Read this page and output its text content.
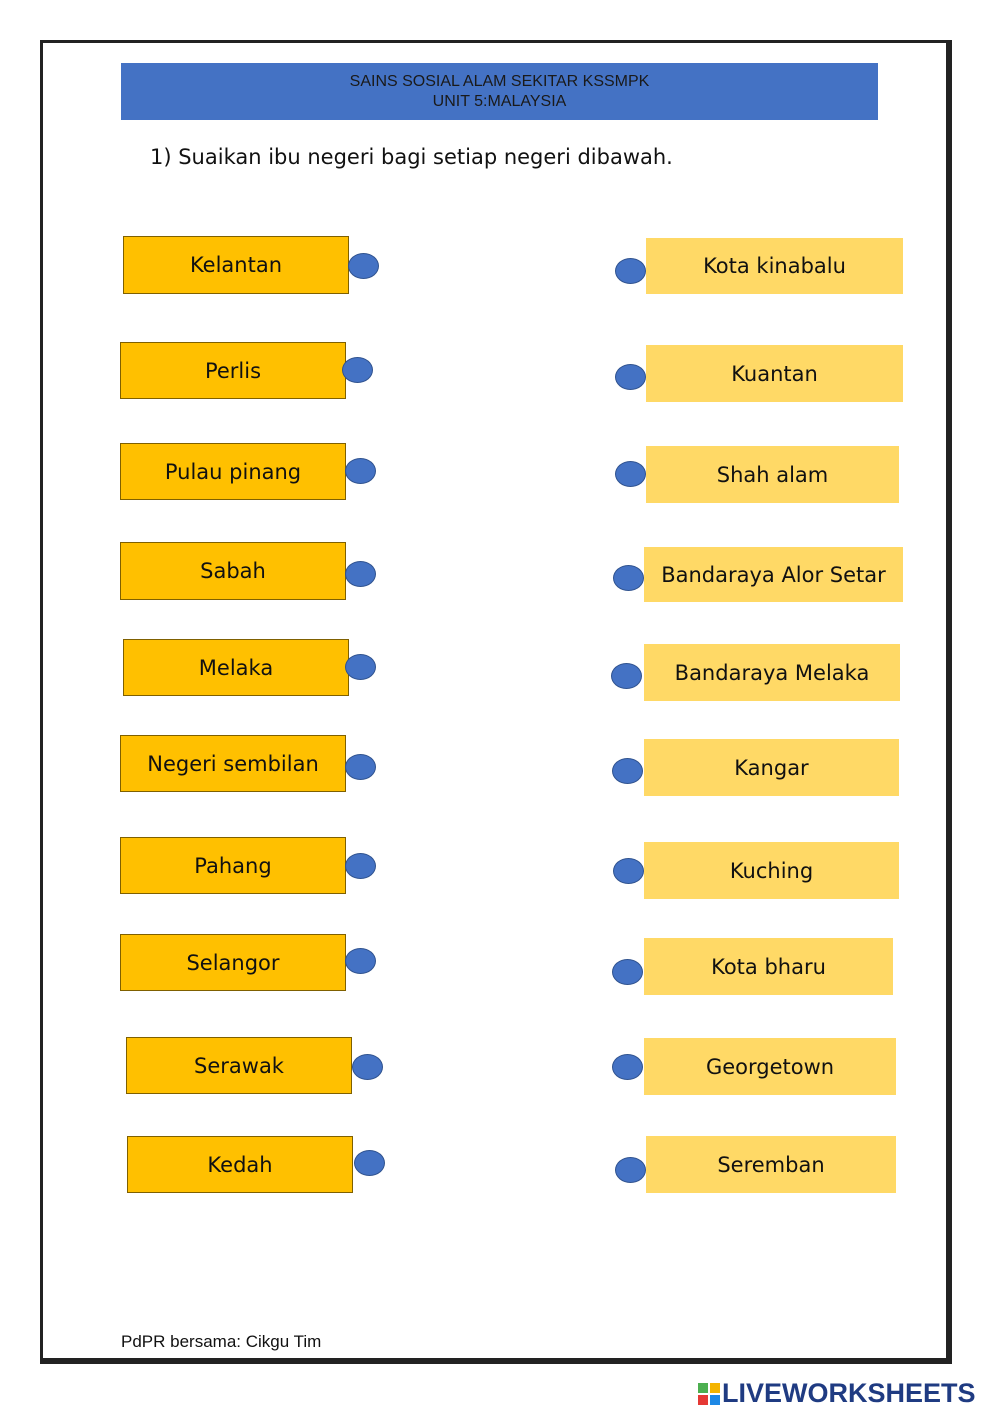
SAINS SOSIAL ALAM SEKITAR KSSMPK
UNIT 5:MALAYSIA
1) Suaikan ibu negeri bagi setiap negeri dibawah.
Kelantan
Perlis
Pulau pinang
Sabah
Melaka
Negeri sembilan
Pahang
Selangor
Serawak
Kedah
Kota kinabalu
Kuantan
Shah alam
Bandaraya Alor Setar
Bandaraya Melaka
Kangar
Kuching
Kota bharu
Georgetown
Seremban
PdPR bersama: Cikgu Tim
LIVEWORKSHEETS
